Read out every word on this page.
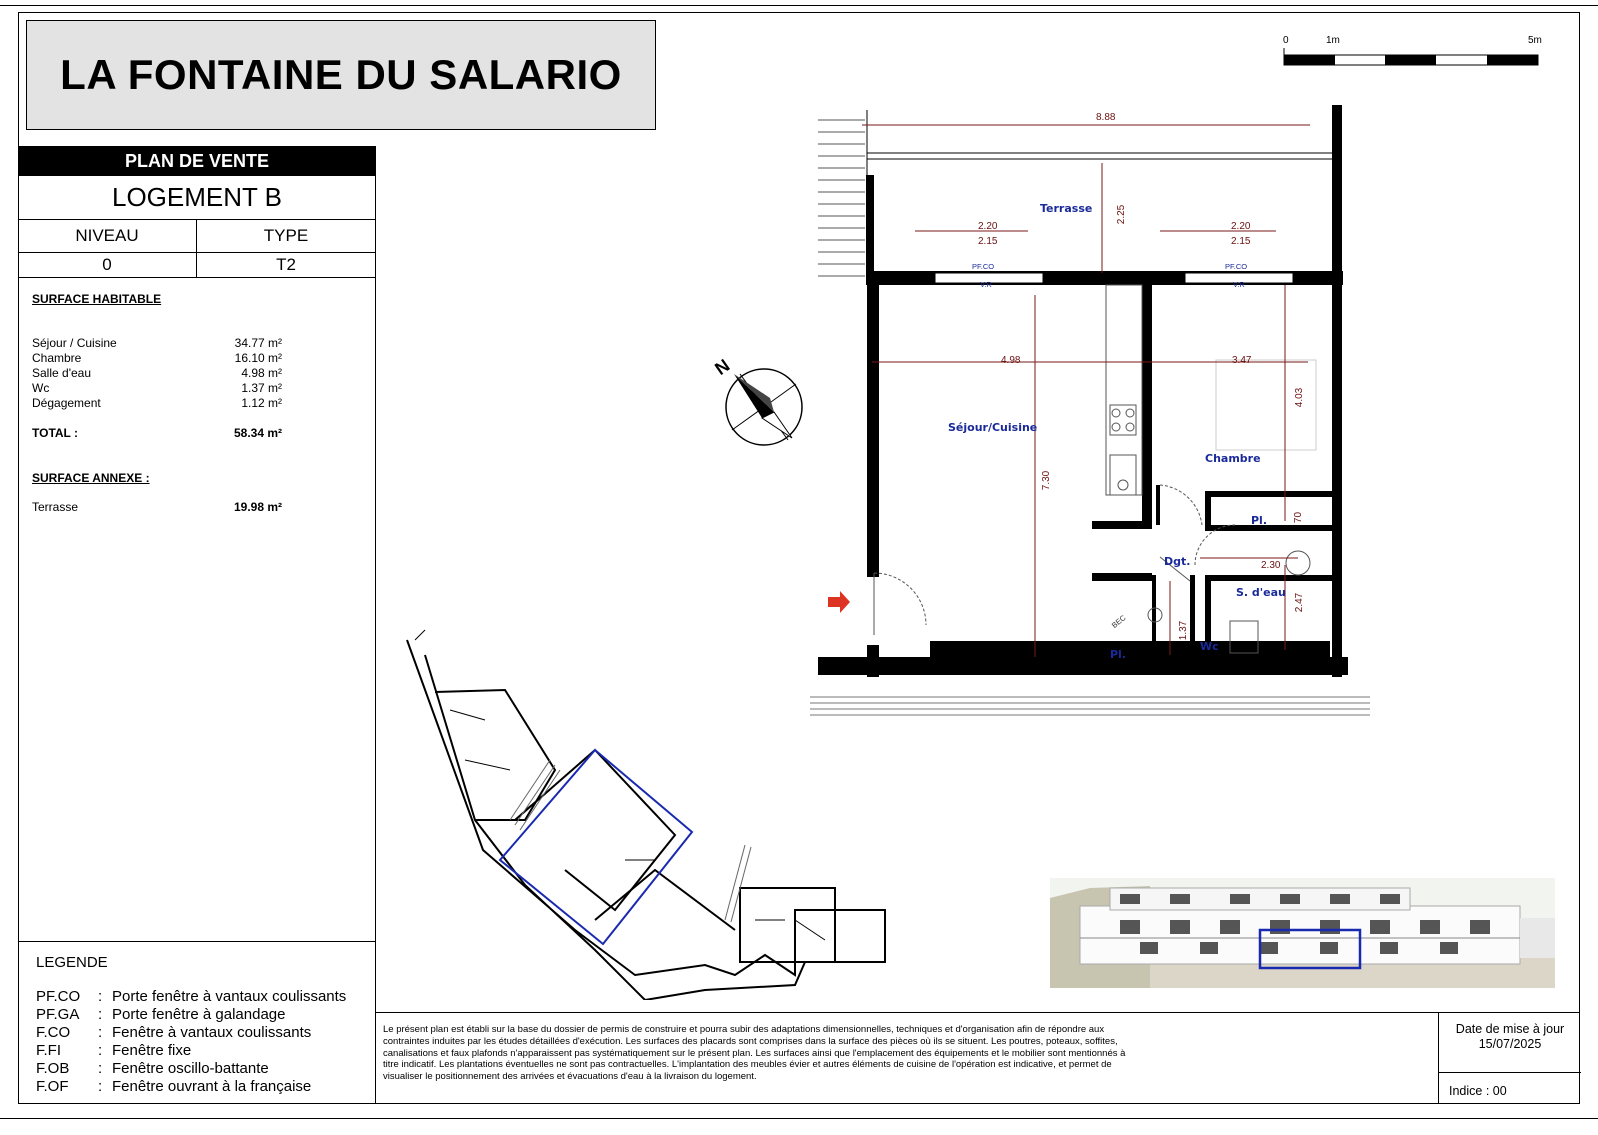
LA FONTAINE DU SALARIO
PLAN DE VENTE
LOGEMENT B
NIVEAU	TYPE
0	T2
SURFACE HABITABLE
Séjour / Cuisine	34.77 m²
Chambre	16.10 m²
Salle d'eau	4.98 m²
Wc	1.37 m²
Dégagement	1.12 m²
TOTAL :	58.34 m²
SURFACE ANNEXE :
Terrasse	19.98 m²
LEGENDE
PF.CO : Porte fenêtre à vantaux coulissants
PF.GA : Porte fenêtre à galandage
F.CO : Fenêtre à vantaux coulissants
F.FI : Fenêtre fixe
F.OB : Fenêtre oscillo-battante
F.OF : Fenêtre ouvrant à la française
Le présent plan est établi sur la base du dossier de permis de construire et pourra subir des adaptations dimensionnelles, techniques et d'organisation afin de répondre aux contraintes induites par les études détaillées d'exécution. Les surfaces des placards sont comprises dans la surface des pièces où ils se situent. Les poutres, poteaux, soffites, canalisations et faux plafonds n'apparaissent pas systématiquement sur le présent plan. Les surfaces ainsi que l'emplacement des équipements et le mobilier sont mentionnés à titre indicatif. Les plantations éventuelles ne sont pas contractuelles. L'implantation des meubles évier et autres éléments de cuisine de l'opération est indicative, et permet de visualiser le positionnement des arrivées et évacuations d'eau à la livraison du logement.
Date de mise à jour
15/07/2025
Indice : 00
0	1m	5m
N
8.88
2.25
2.20
2.15
2.20
2.15
4.98	3.47
7.30
4.03
70
2.30
2.47
1.37
Terrasse
Séjour/Cuisine
Chambre
Pl.
Pl.
Dgt.
S. d'eau
Wc
BEC
PF.CO
V.R
PF.CO
V.R
